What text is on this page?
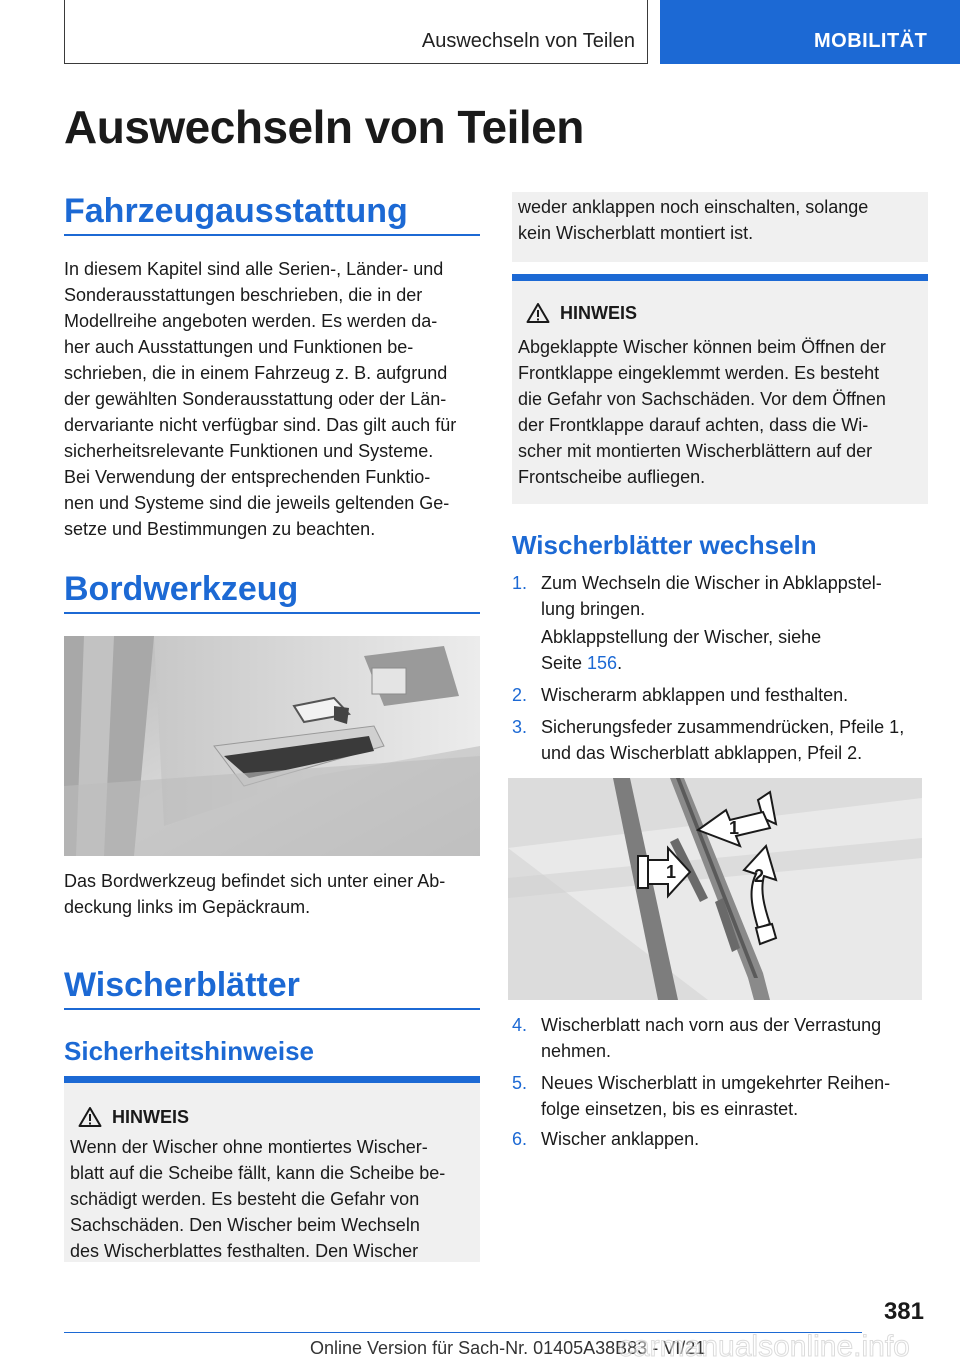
Auswechseln von Teilen	MOBILITÄT
Auswechseln von Teilen
Fahrzeugausstattung
In diesem Kapitel sind alle Serien-, Länder- und
Sonderausstattungen beschrieben, die in der
Modellreihe angeboten werden. Es werden da-
her auch Ausstattungen und Funktionen be-
schrieben, die in einem Fahrzeug z. B. aufgrund
der gewählten Sonderausstattung oder der Län-
dervariante nicht verfügbar sind. Das gilt auch für
sicherheitsrelevante Funktionen und Systeme.
Bei Verwendung der entsprechenden Funktio-
nen und Systeme sind die jeweils geltenden Ge-
setze und Bestimmungen zu beachten.
Bordwerkzeug
Das Bordwerkzeug befindet sich unter einer Ab-
deckung links im Gepäckraum.
Wischerblätter
Sicherheitshinweise
HINWEIS
Wenn der Wischer ohne montiertes Wischer-
blatt auf die Scheibe fällt, kann die Scheibe be-
schädigt werden. Es besteht die Gefahr von
Sachschäden. Den Wischer beim Wechseln
des Wischerblattes festhalten. Den Wischer
weder anklappen noch einschalten, solange
kein Wischerblatt montiert ist.
HINWEIS
Abgeklappte Wischer können beim Öffnen der
Frontklappe eingeklemmt werden. Es besteht
die Gefahr von Sachschäden. Vor dem Öffnen
der Frontklappe darauf achten, dass die Wi-
scher mit montierten Wischerblättern auf der
Frontscheibe aufliegen.
Wischerblätter wechseln
1. Zum Wechseln die Wischer in Abklappstel-
lung bringen.
Abklappstellung der Wischer, siehe
Seite 156.
2. Wischerarm abklappen und festhalten.
3. Sicherungsfeder zusammendrücken, Pfeile 1,
und das Wischerblatt abklappen, Pfeil 2.
1
1	2
4. Wischerblatt nach vorn aus der Verrastung
nehmen.
5. Neues Wischerblatt in umgekehrter Reihen-
folge einsetzen, bis es einrastet.
6. Wischer anklappen.
381
Online Version für Sach-Nr. 01405A38B83 - VI/21
carmanualsonline.info
